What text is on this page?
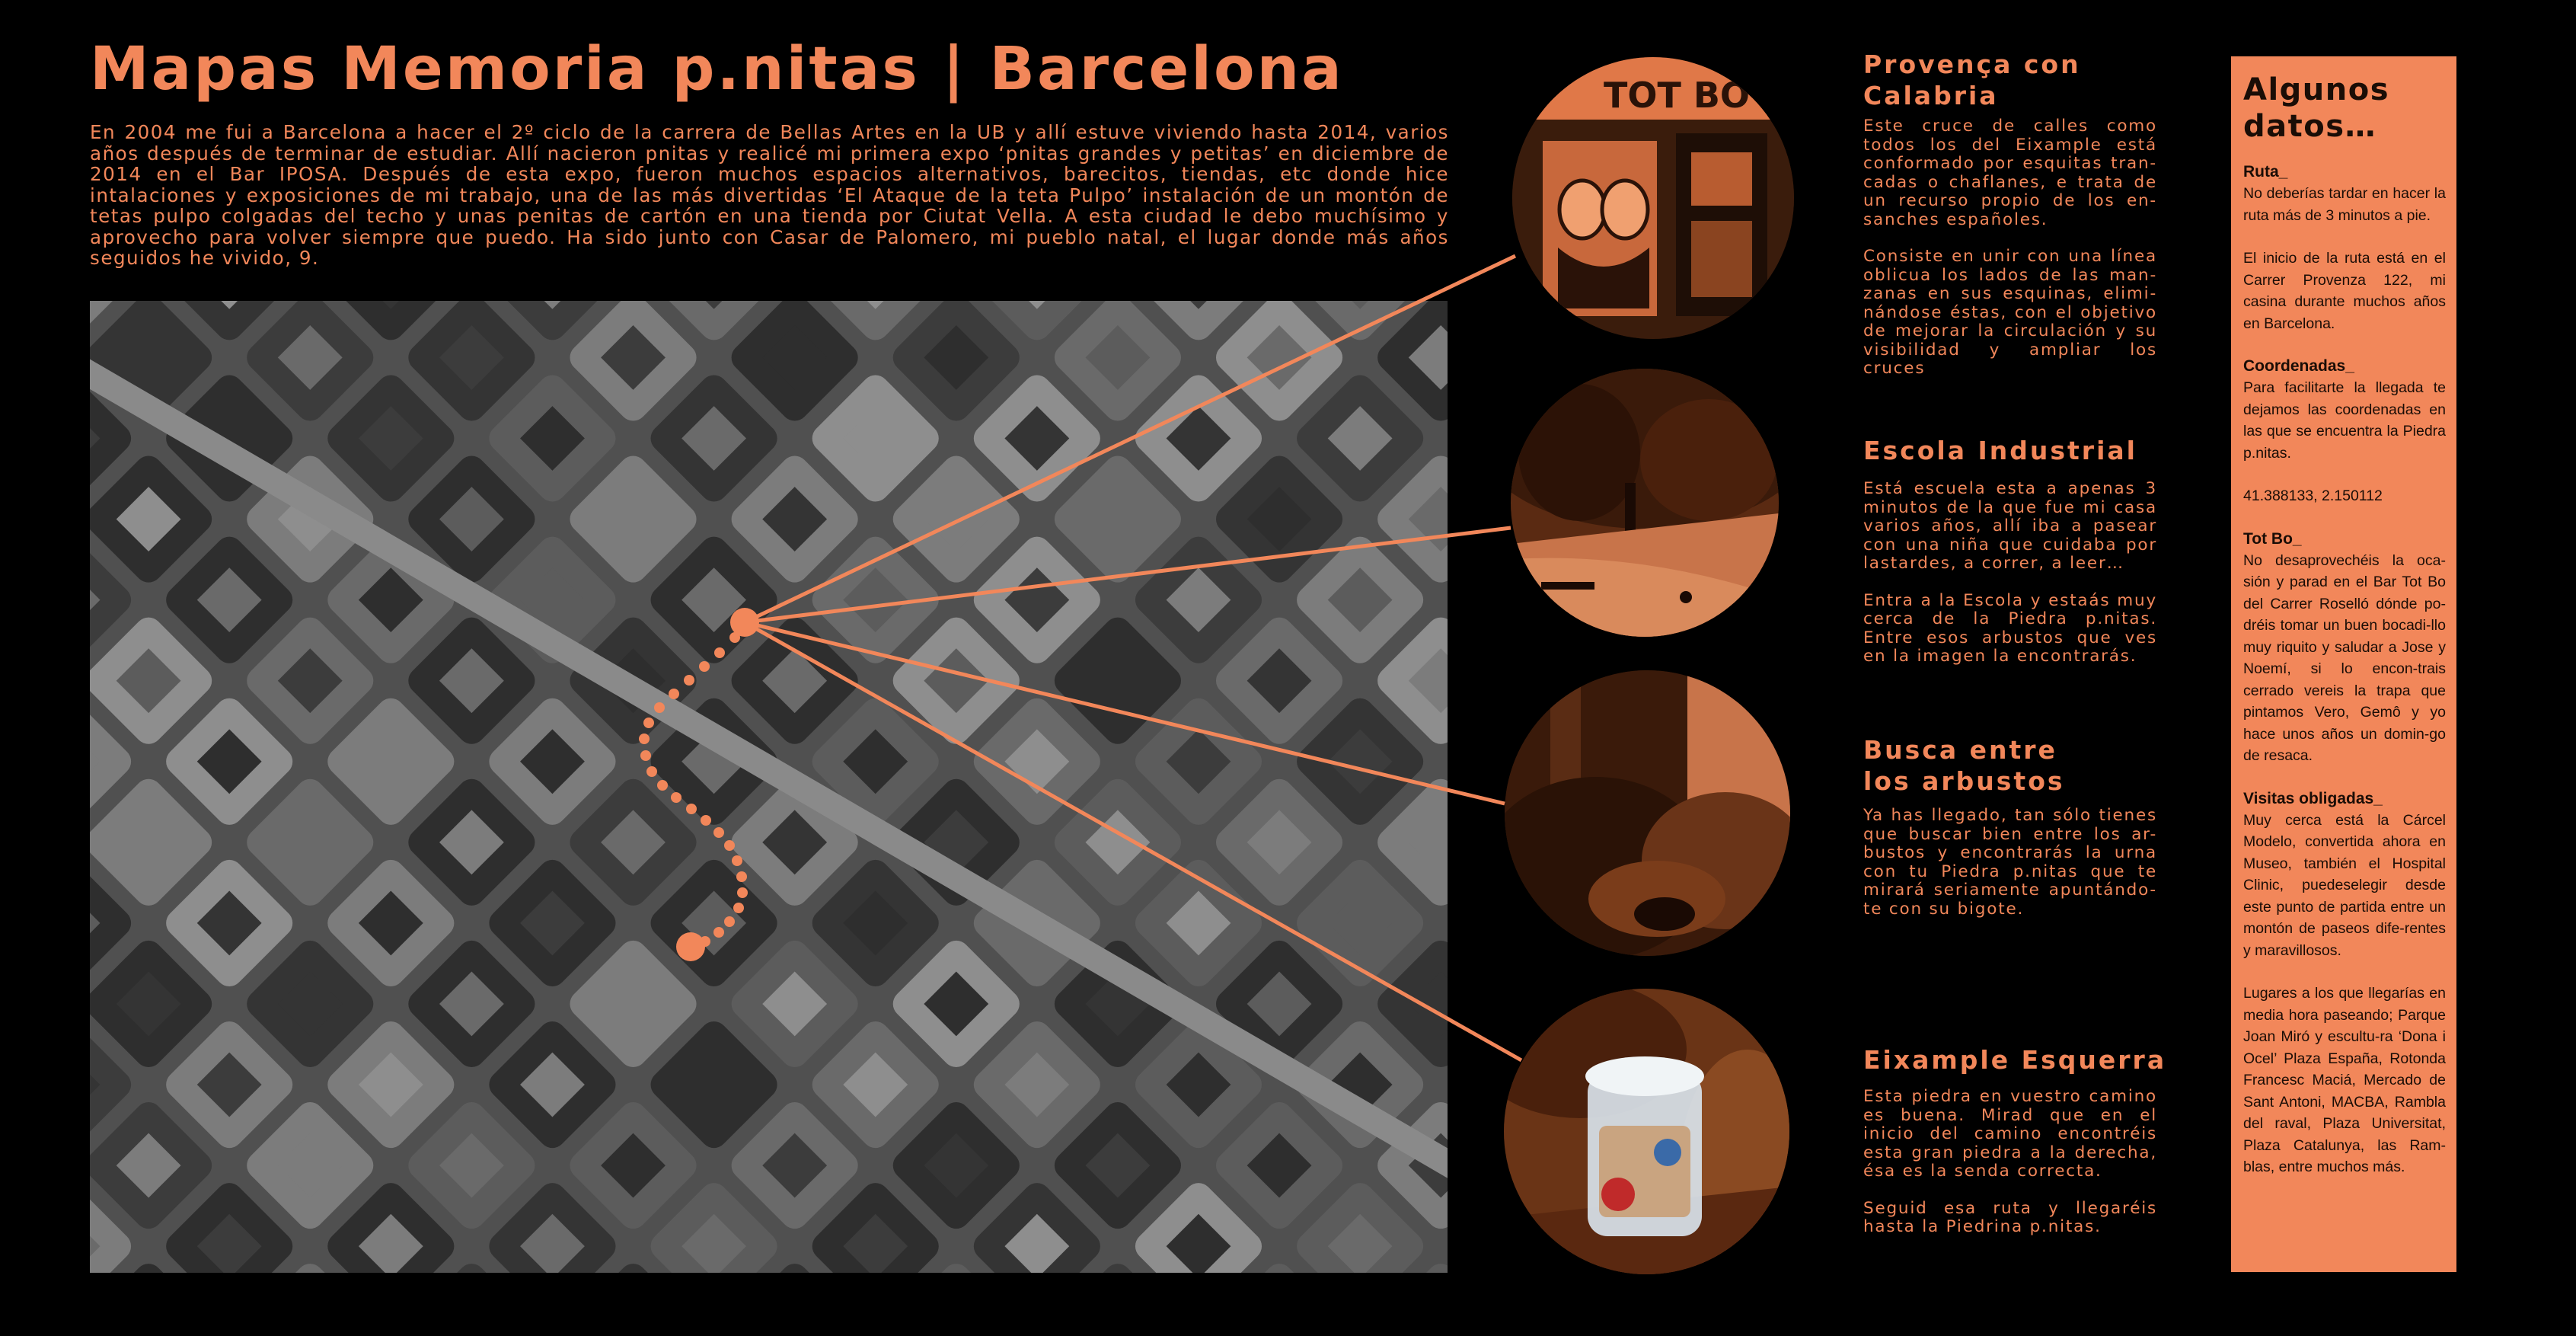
Mapas Memoria p.nitas | Barcelona

En 2004 me fui a Barcelona a hacer el 2º ciclo de la carrera de Bellas Artes en la UB y allí estuve viviendo hasta 2014, varios años después de terminar de estudiar. Allí nacieron pnitas y realicé mi primera expo ‘pnitas grandes y petitas’ en diciembre de 2014 en el Bar IPOSA. Después de esta expo, fueron muchos espacios alternativos, barecitos, tiendas, etc donde hice intalaciones y exposiciones de mi trabajo, una de las más divertidas ‘El Ataque de la teta Pulpo’ instalación de un montón de tetas pulpo colgadas del techo y unas penitas de cartón en una tienda por Ciutat Vella. A esta ciudad le debo muchísimo y aprovecho para volver siempre que puedo. Ha sido junto con Casar de Palomero, mi pueblo natal, el lugar donde más años seguidos he vivido, 9.

TOT BO
Provença con Calabria

Este cruce de calles como todos los del Eixample está conformado por esquitas tran-cadas o chaflanes, e trata de un recurso propio de los en-sanches españoles.

Consiste en unir con una línea oblicua los lados de las man-zanas en sus esquinas, elimi-nándose éstas, con el objetivo de mejorar la circulación y su visibilidad y ampliar los cruces

Escola Industrial

Está escuela esta a apenas 3 minutos de la que fue mi casa varios años, allí iba a pasear con una niña que cuidaba por lastardes, a correr, a leer…

Entra a la Escola y estaás muy cerca de la Piedra p.nitas. Entre esos arbustos que ves en la imagen la encontrarás.

Busca entre los arbustos

Ya has llegado, tan sólo tienes que buscar bien entre los ar-bustos y encontrarás la urna con tu Piedra p.nitas que te mirará seriamente apuntándo-te con su bigote.

Eixample Esquerra

Esta piedra en vuestro camino es buena. Mirad que en el inicio del camino encontréis esta gran piedra a la derecha, ésa es la senda correcta.

Seguid esa ruta y llegaréis hasta la Piedrina p.nitas.

Algunos
datos…

Ruta_

No deberías tardar en hacer la ruta más de 3 minutos a pie.

El inicio de la ruta está en el Carrer Provenza 122, mi casina durante muchos años en Barcelona.

Coordenadas_

Para facilitarte la llegada te dejamos las coordenadas en las que se encuentra la Piedra p.nitas.

41.388133, 2.150112

Tot Bo_

No desaprovechéis la oca-sión y parad en el Bar Tot Bo del Carrer Roselló dónde po-dréis tomar un buen bocadi-llo muy riquito y saludar a Jose y Noemí, si lo encon-trais cerrado vereis la trapa que pintamos Vero, Gemô y yo hace unos años un domin-go de resaca.

Visitas obligadas_

Muy cerca está la Cárcel Modelo, convertida ahora en Museo, también el Hospital Clinic, puedeselegir desde este punto de partida entre un montón de paseos dife-rentes y maravillosos.

Lugares a los que llegarías en media hora paseando; Parque Joan Miró y escultu-ra ‘Dona i Ocel’ Plaza España, Rotonda Francesc Maciá, Mercado de Sant Antoni, MACBA, Rambla del raval, Plaza Universitat, Plaza Catalunya, las Ram-blas, entre muchos más.
